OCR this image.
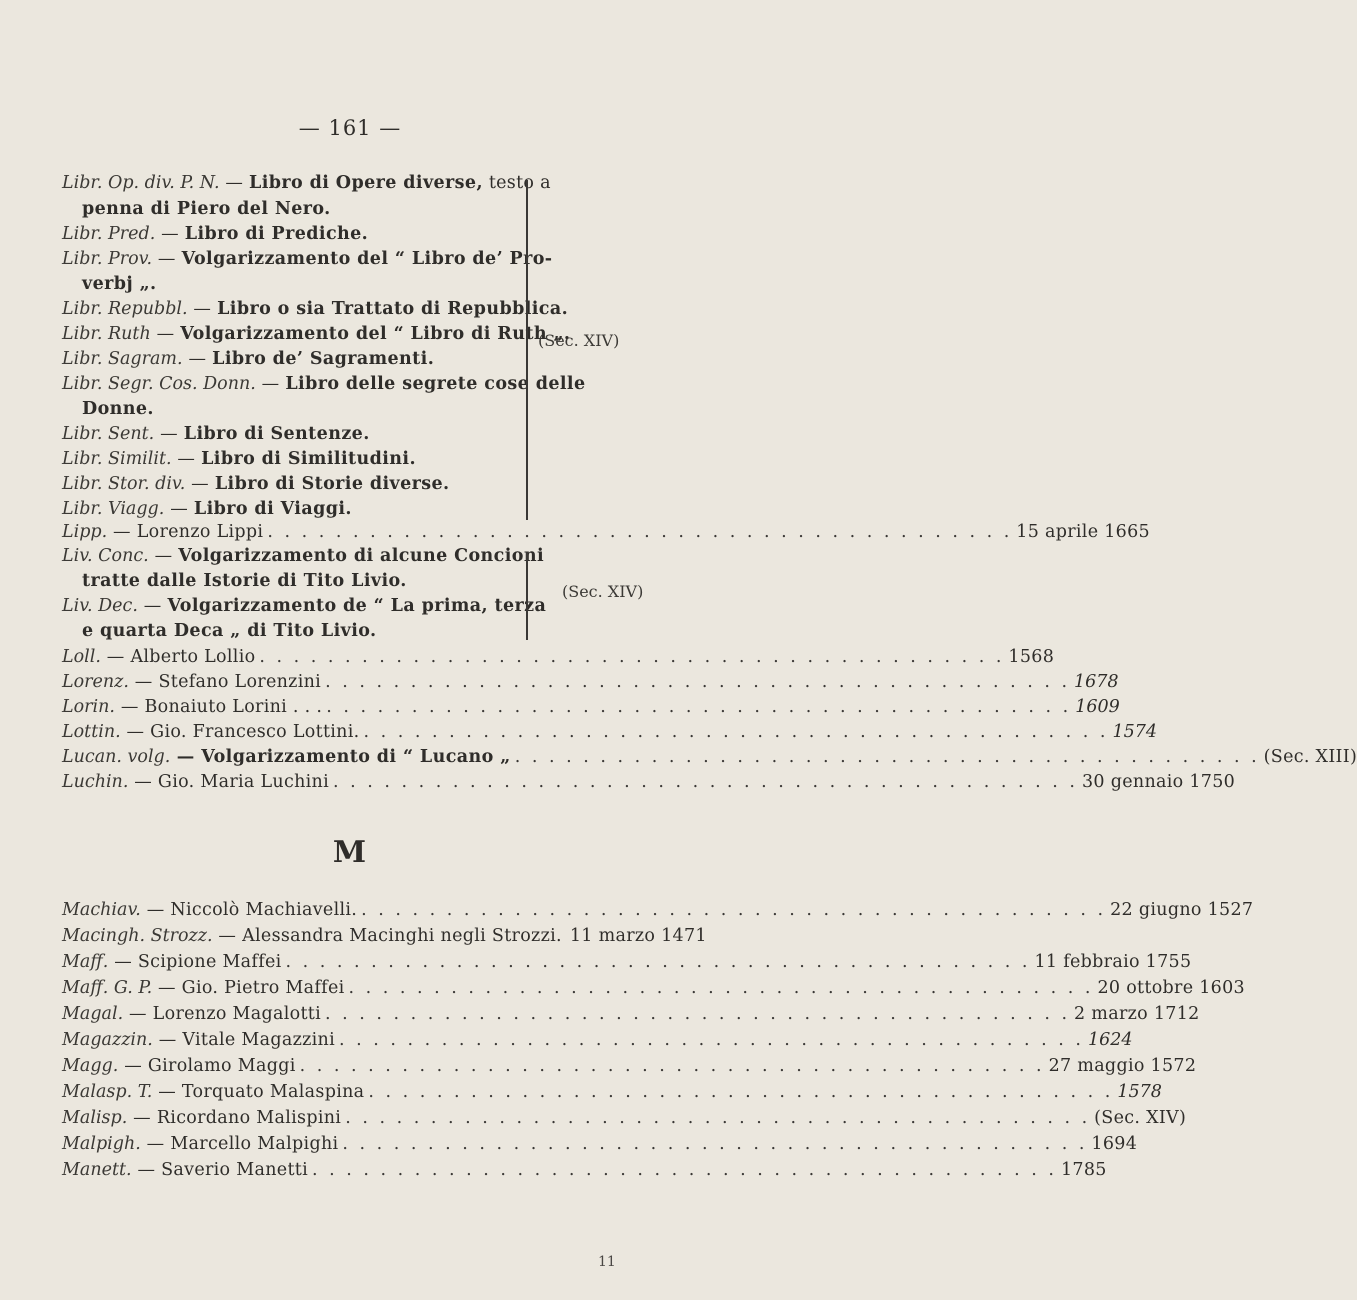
— 161 —
Libr. Op. div. P. N. — Libro di Opere diverse, testo a
penna di Piero del Nero.
Libr. Pred. — Libro di Prediche.
Libr. Prov. — Volgarizzamento del “ Libro de’ Pro-
verbj „.
Libr. Repubbl. — Libro o sia Trattato di Repubblica.
Libr. Ruth — Volgarizzamento del “ Libro di Ruth „.
Libr. Sagram. — Libro de’ Sagramenti.
Libr. Segr. Cos. Donn. — Libro delle segrete cose delle
Donne.
Libr. Sent. — Libro di Sentenze.
Libr. Similit. — Libro di Similitudini.
Libr. Stor. div. — Libro di Storie diverse.
Libr. Viagg. — Libro di Viaggi.
(Sec. XIV)
Lipp. — Lorenzo Lippi . . . . . . . . . . . . . . . . . . . . . . . . . . . . . . . . . . . . . . . . . . . . 15 aprile 1665
Liv. Conc. — Volgarizzamento di alcune Concioni
tratte dalle Istorie di Tito Livio.
Liv. Dec. — Volgarizzamento de “ La prima, terza
e quarta Deca „ di Tito Livio.
(Sec. XIV)
Loll. — Alberto Lollio . . . . . . . . . . . . . . . . . . . . . . . . . . . . . . . . . . . . . . . . . . . . 1568
Lorenz. — Stefano Lorenzini . . . . . . . . . . . . . . . . . . . . . . . . . . . . . . . . . . . . . . . . . . . . 1678
Lorin. — Bonaiuto Lorini . . . . . . . . . . . . . . . . . . . . . . . . . . . . . . . . . . . . . . . . . . . . . . . 1609
Lottin. — Gio. Francesco Lottini. . . . . . . . . . . . . . . . . . . . . . . . . . . . . . . . . . . . . . . . . . . . . 1574
Lucan. volg. — Volgarizzamento di “ Lucano „ . . . . . . . . . . . . . . . . . . . . . . . . . . . . . . . . . . . . . . . . . . . . (Sec. XIII)
Luchin. — Gio. Maria Luchini . . . . . . . . . . . . . . . . . . . . . . . . . . . . . . . . . . . . . . . . . . . . 30 gennaio 1750
M
Machiav. — Niccolò Machiavelli. . . . . . . . . . . . . . . . . . . . . . . . . . . . . . . . . . . . . . . . . . . . . 22 giugno 1527
Macingh. Strozz. — Alessandra Macinghi negli Strozzi. 11 marzo 1471
Maff. — Scipione Maffei . . . . . . . . . . . . . . . . . . . . . . . . . . . . . . . . . . . . . . . . . . . . 11 febbraio 1755
Maff. G. P. — Gio. Pietro Maffei . . . . . . . . . . . . . . . . . . . . . . . . . . . . . . . . . . . . . . . . . . . . 20 ottobre 1603
Magal. — Lorenzo Magalotti . . . . . . . . . . . . . . . . . . . . . . . . . . . . . . . . . . . . . . . . . . . . 2 marzo 1712
Magazzin. — Vitale Magazzini . . . . . . . . . . . . . . . . . . . . . . . . . . . . . . . . . . . . . . . . . . . . 1624
Magg. — Girolamo Maggi . . . . . . . . . . . . . . . . . . . . . . . . . . . . . . . . . . . . . . . . . . . . 27 maggio 1572
Malasp. T. — Torquato Malaspina . . . . . . . . . . . . . . . . . . . . . . . . . . . . . . . . . . . . . . . . . . . . 1578
Malisp. — Ricordano Malispini . . . . . . . . . . . . . . . . . . . . . . . . . . . . . . . . . . . . . . . . . . . . (Sec. XIV)
Malpigh. — Marcello Malpighi . . . . . . . . . . . . . . . . . . . . . . . . . . . . . . . . . . . . . . . . . . . . 1694
Manett. — Saverio Manetti . . . . . . . . . . . . . . . . . . . . . . . . . . . . . . . . . . . . . . . . . . . . 1785
11
